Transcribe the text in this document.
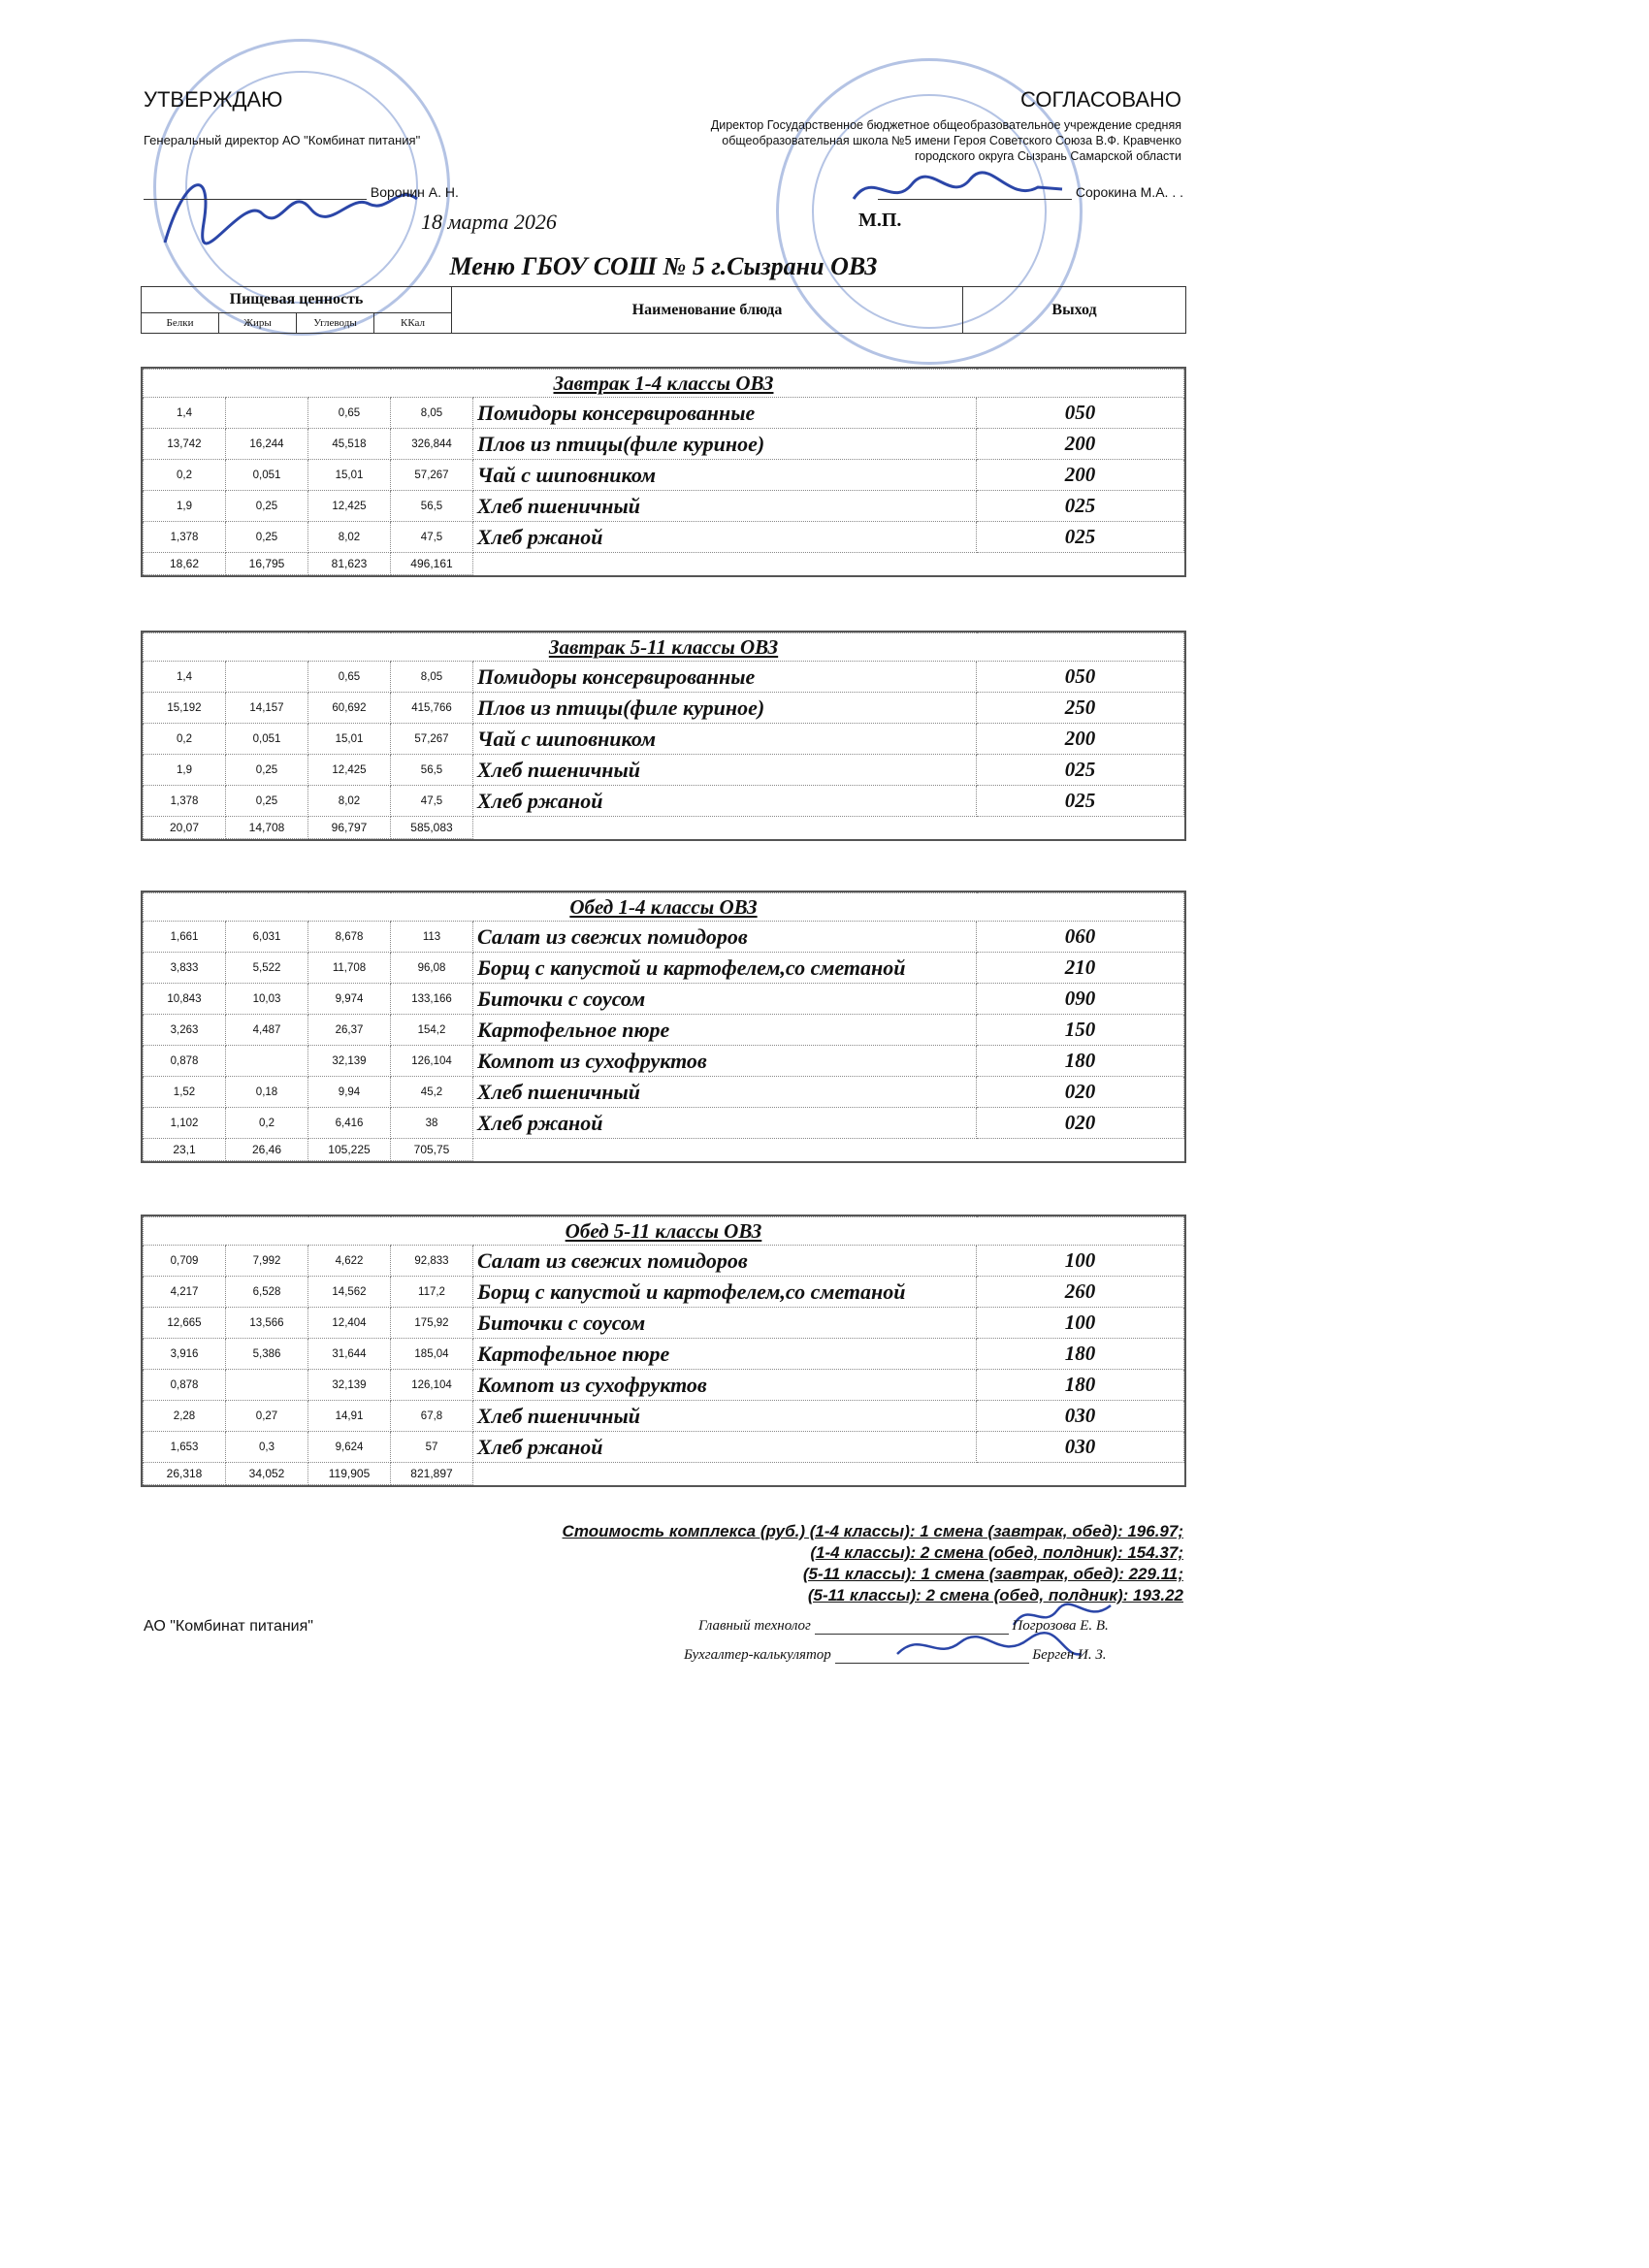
УТВЕРЖДАЮ
Генеральный директор АО "Комбинат питания"
Воронин А. Н.
18 марта 2026
СОГЛАСОВАНО
Директор Государственное бюджетное общеобразовательное учреждение средняя
общеобразовательная школа №5 имени Героя Советского Союза В.Ф. Кравченко
городского округа Сызрань Самарской области
Сорокина М.А. . .
М.П.
Меню ГБОУ СОШ № 5 г.Сызрани ОВЗ
Пищевая ценность				Наименование блюда	Выход
Белки	Жиры	Углеводы	ККал		
Завтрак 1-4 классы ОВЗ					
1,4		0,65	8,05	Помидоры консервированные	050
13,742	16,244	45,518	326,844	Плов из птицы(филе куриное)	200
0,2	0,051	15,01	57,267	Чай с шиповником	200
1,9	0,25	12,425	56,5	Хлеб пшеничный	025
1,378	0,25	8,02	47,5	Хлеб ржаной	025
18,62	16,795	81,623	496,161		
Завтрак 5-11 классы ОВЗ					
1,4		0,65	8,05	Помидоры консервированные	050
15,192	14,157	60,692	415,766	Плов из птицы(филе куриное)	250
0,2	0,051	15,01	57,267	Чай с шиповником	200
1,9	0,25	12,425	56,5	Хлеб пшеничный	025
1,378	0,25	8,02	47,5	Хлеб ржаной	025
20,07	14,708	96,797	585,083		
Обед 1-4 классы ОВЗ					
1,661	6,031	8,678	113	Салат из свежих помидоров	060
3,833	5,522	11,708	96,08	Борщ с капустой и картофелем,со сметаной	210
10,843	10,03	9,974	133,166	Биточки с соусом	090
3,263	4,487	26,37	154,2	Картофельное пюре	150
0,878		32,139	126,104	Компот из сухофруктов	180
1,52	0,18	9,94	45,2	Хлеб пшеничный	020
1,102	0,2	6,416	38	Хлеб ржаной	020
23,1	26,46	105,225	705,75		
Обед 5-11 классы ОВЗ					
0,709	7,992	4,622	92,833	Салат из свежих помидоров	100
4,217	6,528	14,562	117,2	Борщ с капустой и картофелем,со сметаной	260
12,665	13,566	12,404	175,92	Биточки с соусом	100
3,916	5,386	31,644	185,04	Картофельное пюре	180
0,878		32,139	126,104	Компот из сухофруктов	180
2,28	0,27	14,91	67,8	Хлеб пшеничный	030
1,653	0,3	9,624	57	Хлеб ржаной	030
26,318	34,052	119,905	821,897		
Стоимость комплекса (руб.) (1-4 классы): 1 смена (завтрак, обед): 196.97;
(1-4 классы): 2 смена (обед, полдник): 154.37;
(5-11 классы): 1 смена (завтрак, обед): 229.11;
(5-11 классы): 2 смена (обед, полдник): 193.22
АО "Комбинат питания"	Главный технолог	Погрозова Е. В.
Бухгалтер-калькулятор	Берген И. З.
